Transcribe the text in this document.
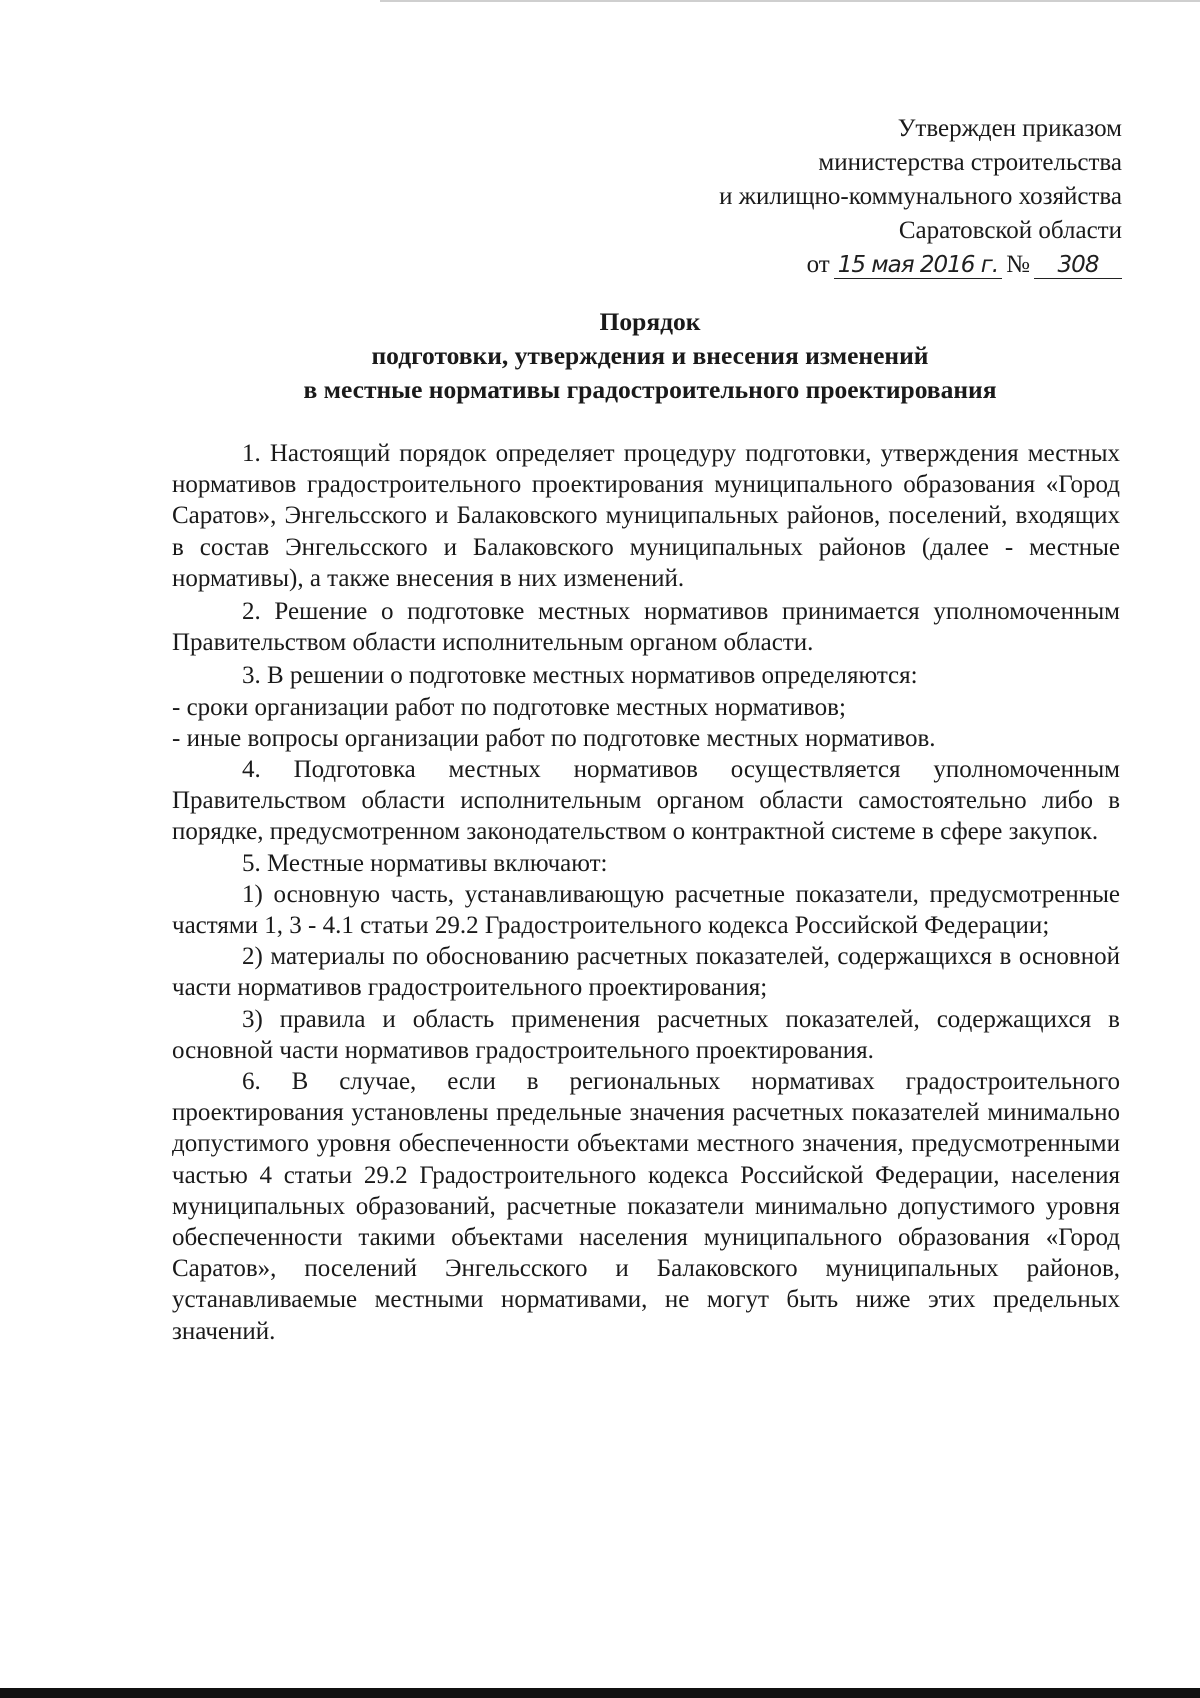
Утвержден приказом
министерства строительства
и жилищно-коммунального хозяйства
Саратовской области
от 15 мая 2016 г. №	308
Порядок
подготовки, утверждения и внесения изменений
в местные нормативы градостроительного проектирования

1. Настоящий порядок определяет процедуру подготовки, утверждения местных нормативов градостроительного проектирования муниципального образования «Город Саратов», Энгельсского и Балаковского муниципальных районов, поселений, входящих в состав Энгельсского и Балаковского муниципальных районов (далее - местные нормативы), а также внесения в них изменений.

2. Решение о подготовке местных нормативов принимается уполномоченным Правительством области исполнительным органом области.

3. В решении о подготовке местных нормативов определяются:

- сроки организации работ по подготовке местных нормативов;

- иные вопросы организации работ по подготовке местных нормативов.

4. Подготовка местных нормативов осуществляется уполномоченным Правительством области исполнительным органом области самостоятельно либо в порядке, предусмотренном законодательством о контрактной системе в сфере закупок.

5. Местные нормативы включают:

1) основную часть, устанавливающую расчетные показатели, предусмотренные частями 1, 3 - 4.1 статьи 29.2 Градостроительного кодекса Российской Федерации;

2) материалы по обоснованию расчетных показателей, содержащихся в основной части нормативов градостроительного проектирования;

3) правила и область применения расчетных показателей, содержащихся в основной части нормативов градостроительного проектирования.

6. В случае, если в региональных нормативах градостроительного проектирования установлены предельные значения расчетных показателей минимально допустимого уровня обеспеченности объектами местного значения, предусмотренными частью 4 статьи 29.2 Градостроительного кодекса Российской Федерации, населения муниципальных образований, расчетные показатели минимально допустимого уровня обеспеченности такими объектами населения муниципального образования «Город Саратов», поселений Энгельсского и Балаковского муниципальных районов, устанавливаемые местными нормативами, не могут быть ниже этих предельных значений.
